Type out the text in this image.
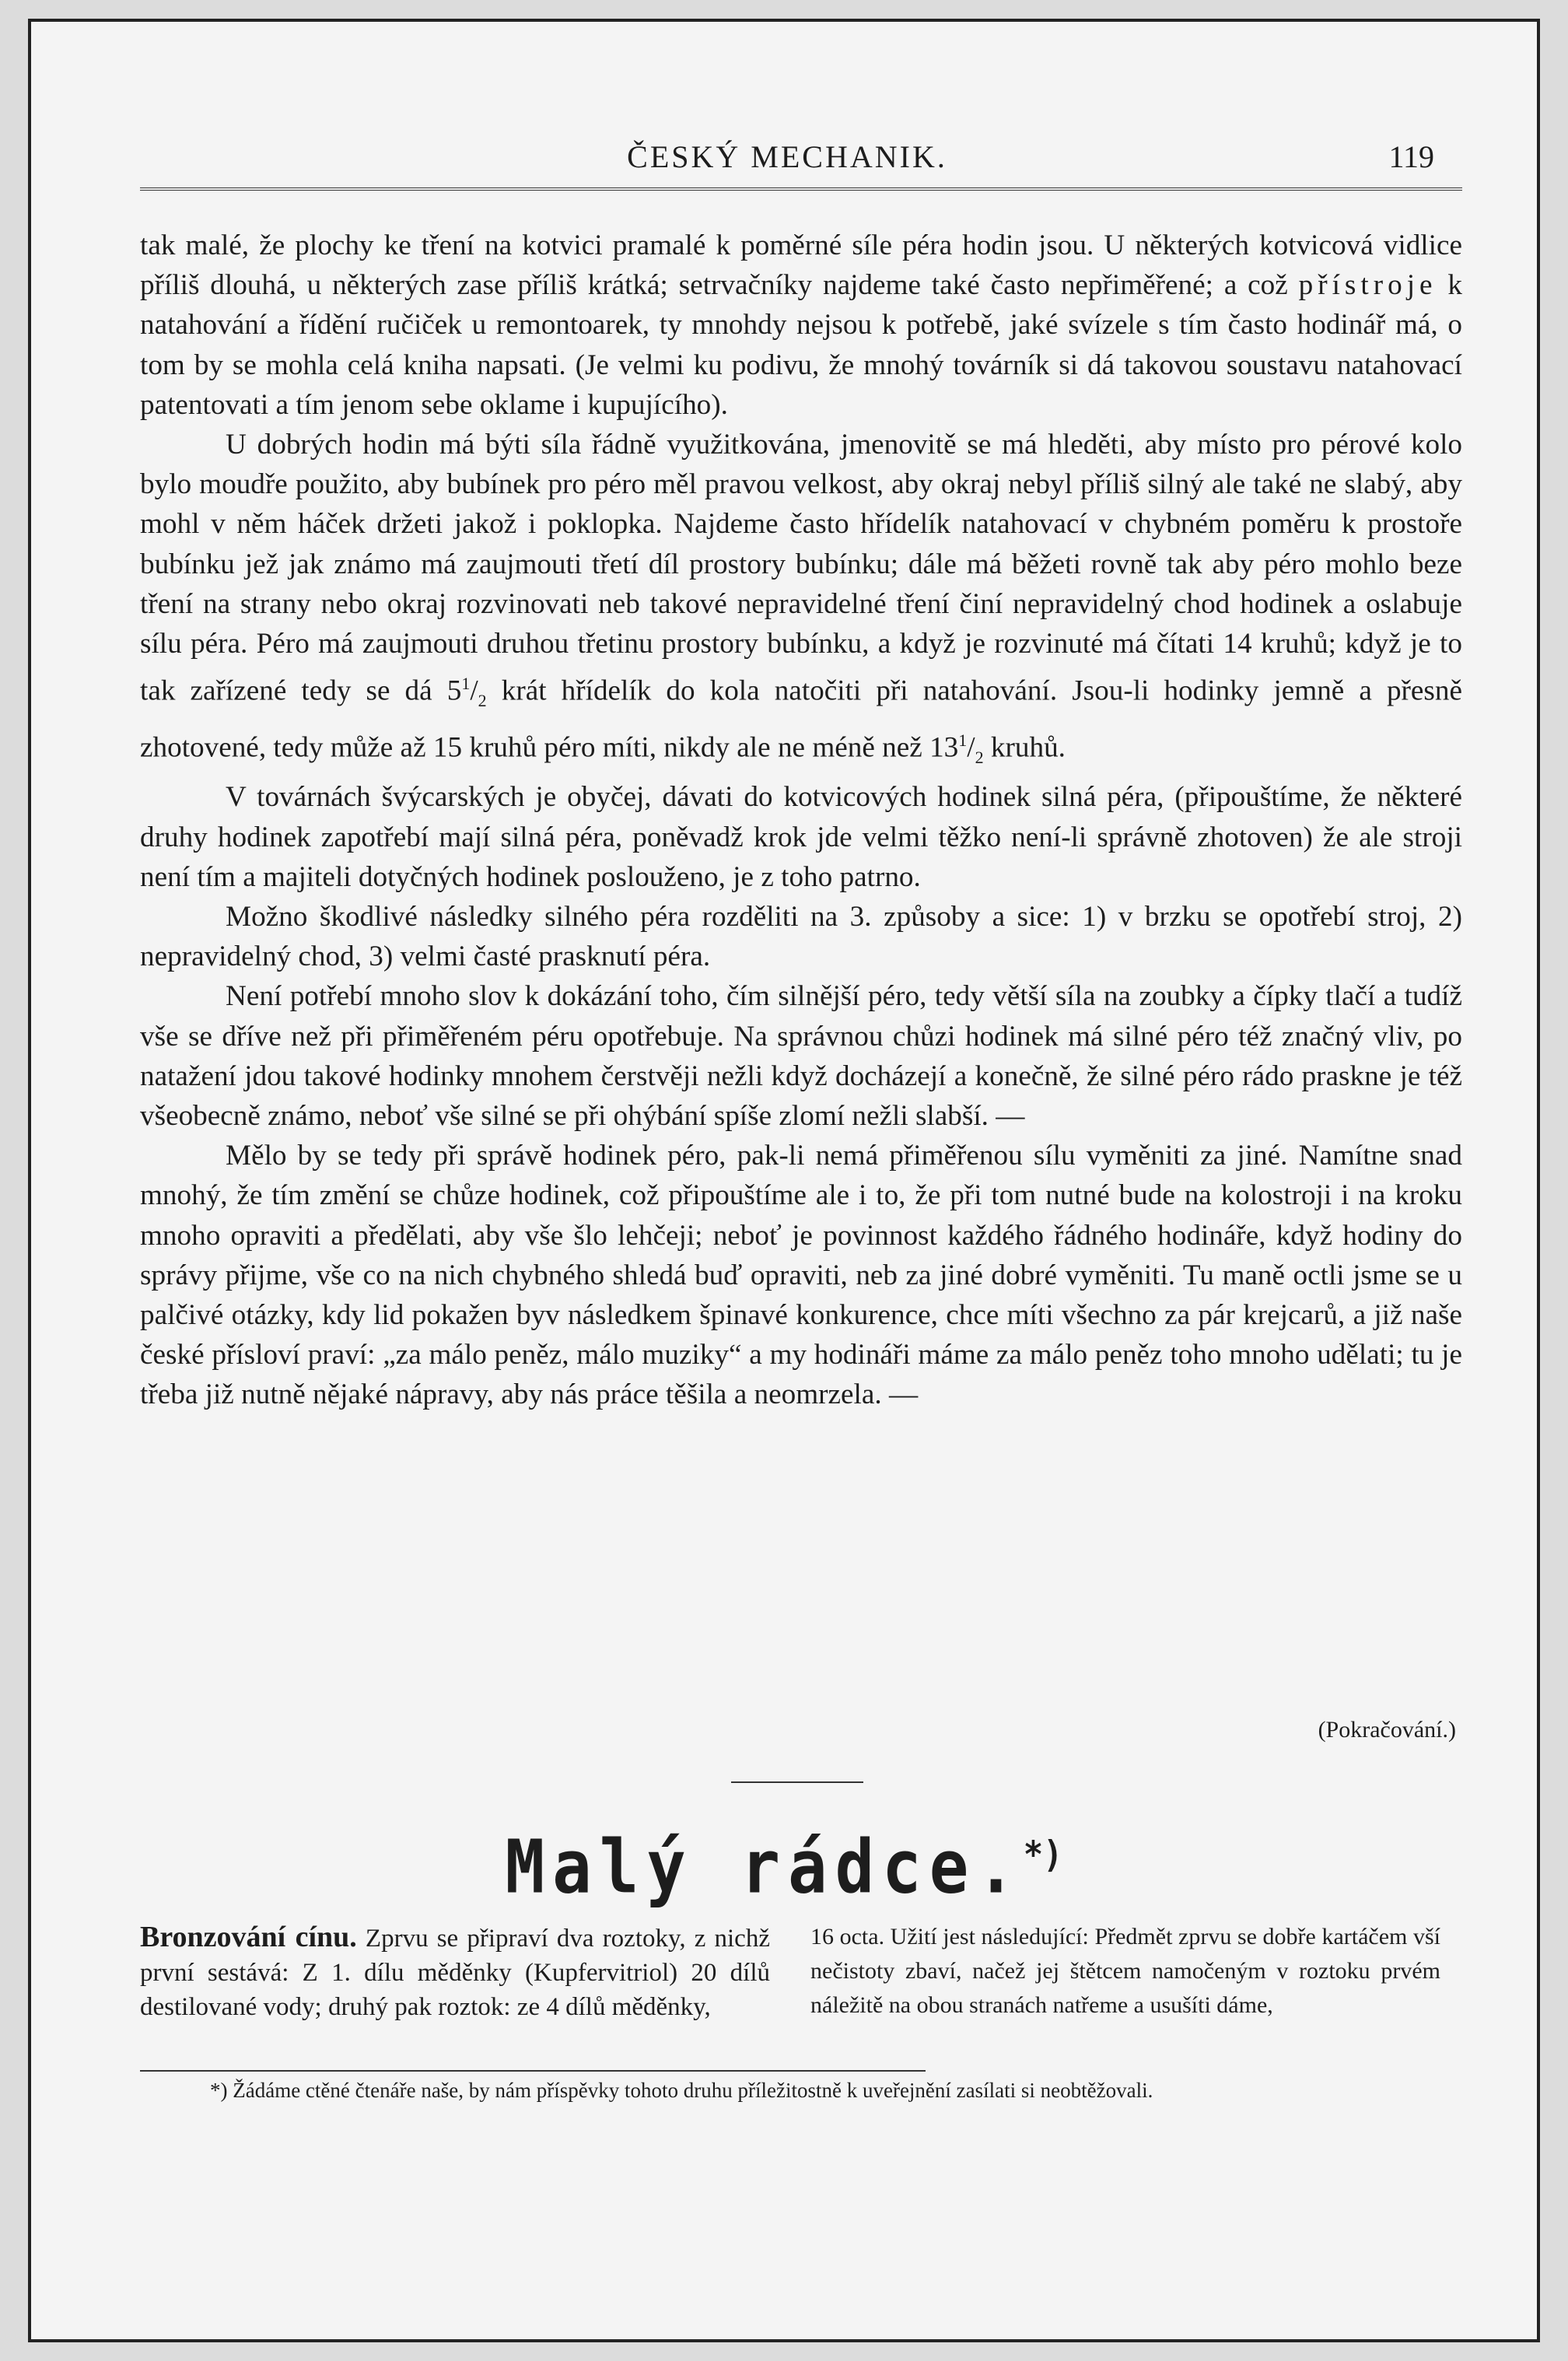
ČESKÝ MECHANIK.	119

tak malé, že plochy ke tření na kotvici pramalé k poměrné síle péra hodin jsou. U některých kotvicová vidlice příliš dlouhá, u některých zase příliš krátká; setrvačníky najdeme také často nepřiměřené; a což přístroje k natahování a řídění ručiček u remontoarek, ty mnohdy nejsou k potřebě, jaké svízele s tím často hodinář má, o tom by se mohla celá kniha napsati. (Je velmi ku podivu, že mnohý továrník si dá takovou soustavu natahovací patentovati a tím jenom sebe oklame i kupujícího).

U dobrých hodin má býti síla řádně využitkována, jmenovitě se má hleděti, aby místo pro pérové kolo bylo moudře použito, aby bubínek pro péro měl pravou velkost, aby okraj nebyl příliš silný ale také ne slabý, aby mohl v něm háček držeti jakož i poklopka. Najdeme často hřídelík natahovací v chybném poměru k prostoře bubínku jež jak známo má zaujmouti třetí díl prostory bubínku; dále má běžeti rovně tak aby péro mohlo beze tření na strany nebo okraj rozvinovati neb takové nepravidelné tření činí nepravidelný chod hodinek a oslabuje sílu péra. Péro má zaujmouti druhou třetinu prostory bubínku, a když je rozvinuté má čítati 14 kruhů; když je to tak zařízené tedy se dá $5^1/_2$ krát hřídelík do kola natočiti při natahování. Jsou-li hodinky jemně a přesně zhotovené, tedy může až 15 kruhů péro míti, nikdy ale ne méně než $13^1/_2$ kruhů.

V továrnách švýcarských je obyčej, dávati do kotvicových hodinek silná péra, (připouštíme, že některé druhy hodinek zapotřebí mají silná péra, poněvadž krok jde velmi těžko není-li správně zhotoven) že ale stroji není tím a majiteli dotyčných hodinek poslouženo, je z toho patrno.

Možno škodlivé následky silného péra rozděliti na 3. způsoby a sice: 1) v brzku se opotřebí stroj, 2) nepravidelný chod, 3) velmi časté prasknutí péra.

Není potřebí mnoho slov k dokázání toho, čím silnější péro, tedy větší síla na zoubky a čípky tlačí a tudíž vše se dříve než při přiměřeném péru opotřebuje. Na správnou chůzi hodinek má silné péro též značný vliv, po natažení jdou takové hodinky mnohem čerstvěji nežli když docházejí a konečně, že silné péro rádo praskne je též všeobecně známo, neboť vše silné se při ohýbání spíše zlomí nežli slabší. —

Mělo by se tedy při správě hodinek péro, pak-li nemá přiměřenou sílu vyměniti za jiné. Namítne snad mnohý, že tím změní se chůze hodinek, což připouštíme ale i to, že při tom nutné bude na kolostroji i na kroku mnoho opraviti a předělati, aby vše šlo lehčeji; neboť je povinnost každého řádného hodináře, když hodiny do správy přijme, vše co na nich chybného shledá buď opraviti, neb za jiné dobré vyměniti. Tu maně octli jsme se u palčivé otázky, kdy lid pokažen byv následkem špinavé konkurence, chce míti všechno za pár krejcarů, a již naše české přísloví praví: „za málo peněz, málo muziky“ a my hodináři máme za málo peněz toho mnoho udělati; tu je třeba již nutně nějaké nápravy, aby nás práce těšila a neomrzela. —

(Pokračování.)
Malý rádce.*)
Bronzování cínu. Zprvu se připraví dva roztoky, z nichž první sestává: Z 1. dílu měděnky (Kupfervitriol) 20 dílů destilované vody; druhý pak roztok: ze 4 dílů měděnky,
16 octa. Užití jest následující: Předmět zprvu se dobře kartáčem vší nečistoty zbaví, načež jej štětcem namočeným v roztoku prvém náležitě na obou stranách natřeme a usušíti dáme,
*) Žádáme ctěné čtenáře naše, by nám příspěvky tohoto druhu příležitostně k uveřejnění zasílati si neobtěžovali.
